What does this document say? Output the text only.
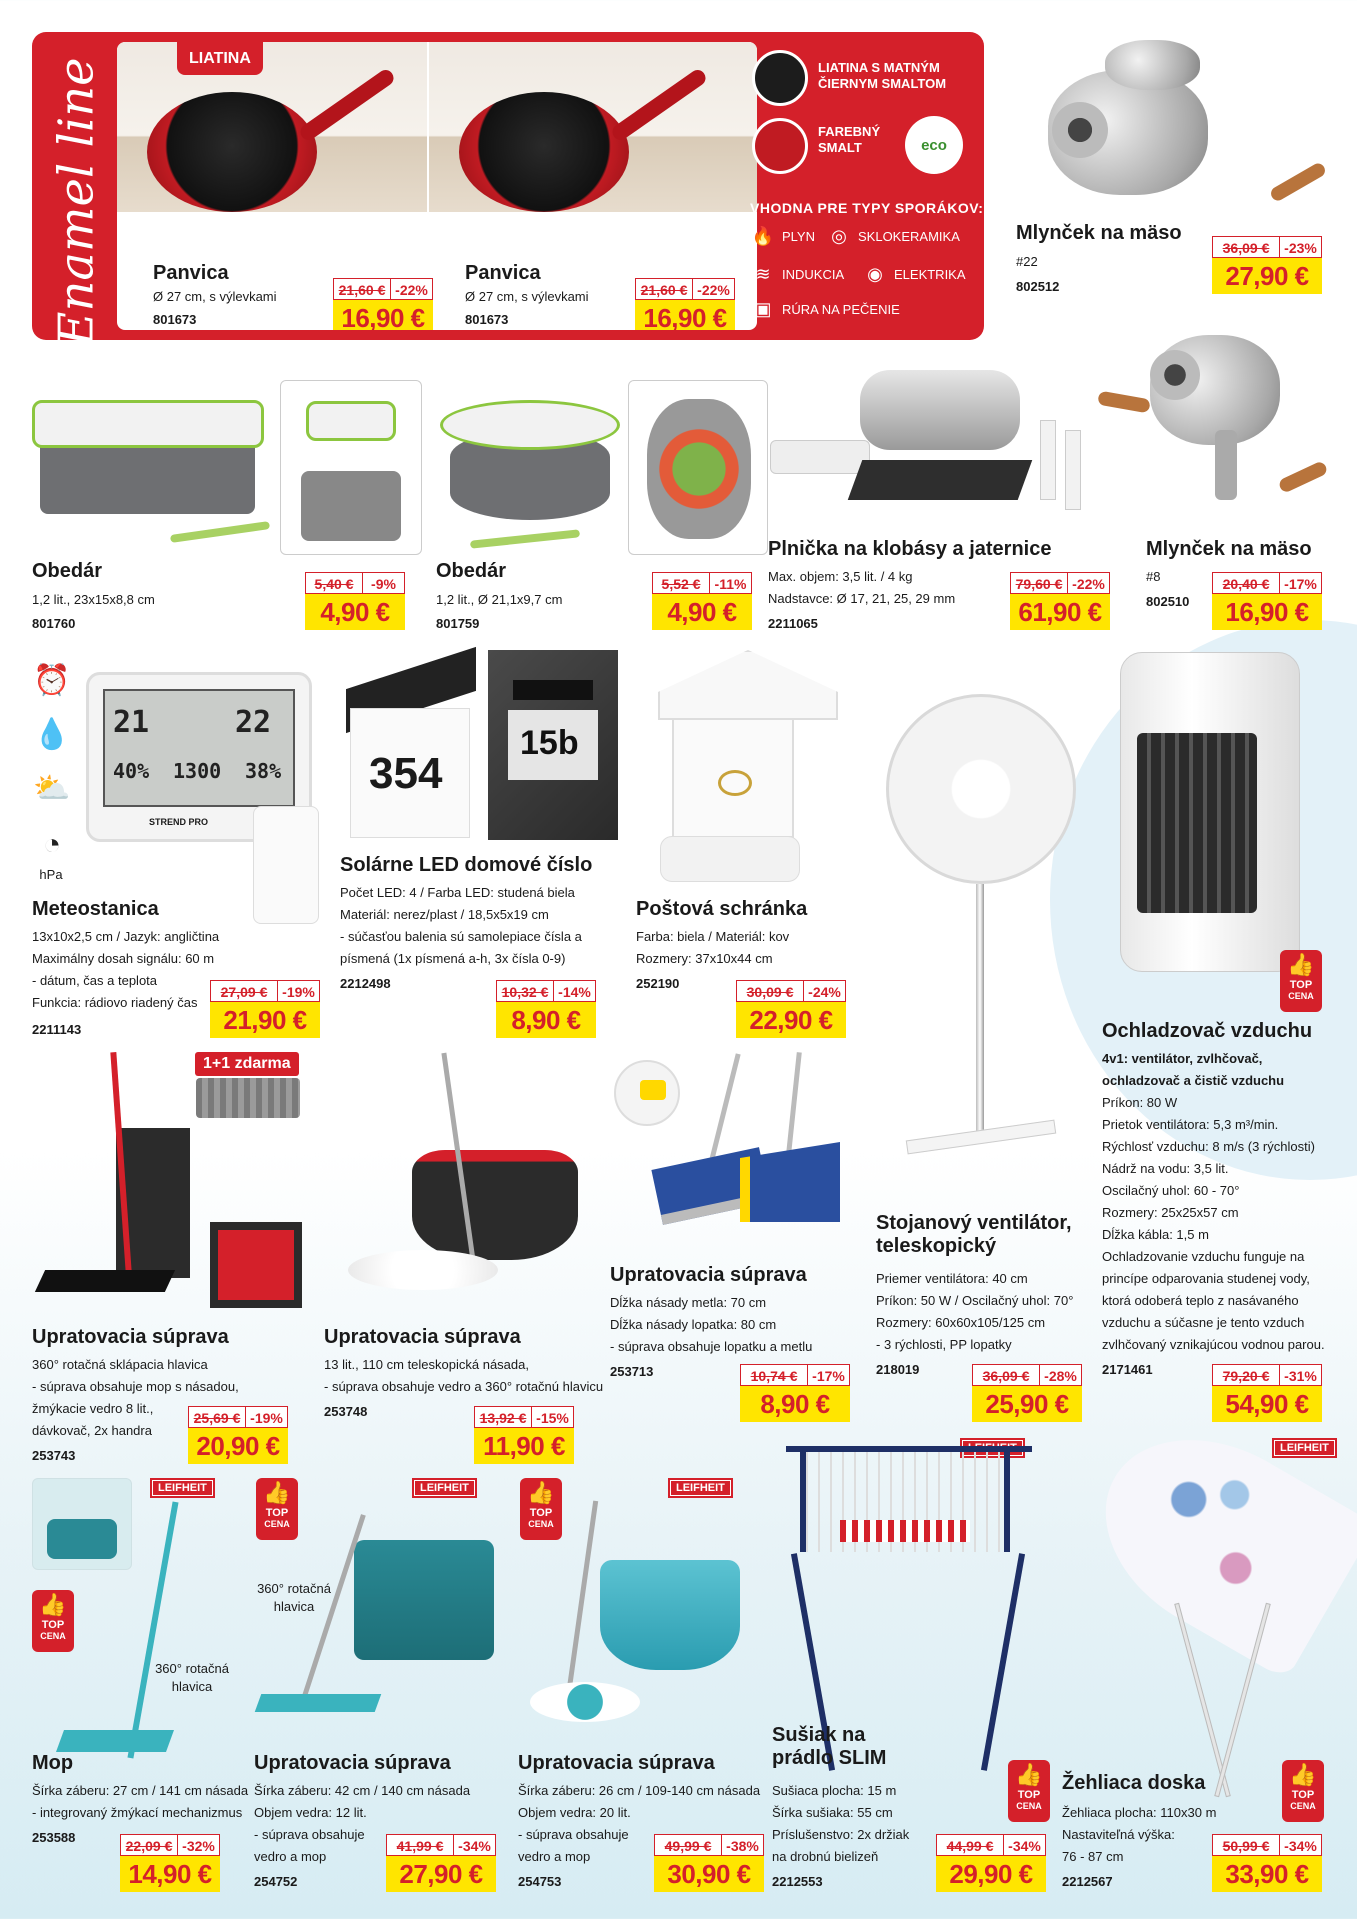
Enamel line	LIATINA
Panvica
Ø 27 cm, s výlevkami
801673
21,60 € -22%
16,90 €
Panvica
Ø 27 cm, s výlevkami
801673
21,60 € -22%
16,90 €
LIATINA S MATNÝM ČIERNYM SMALTOM
FAREBNÝ SMALT	eco
VHODNA PRE TYPY SPORÁKOV:
🔥 PLYN ◎ SKLOKERAMIKA
≋ INDUKCIA ◉ ELEKTRIKA
▣ RÚRA NA PEČENIE
Mlynček na mäso
#22
802512
36,09 €	-23%
27,90 €
Obedár
1,2 lit., 23x15x8,8 cm
801760
5,40 €	-9%
4,90 €
Obedár
1,2 lit., Ø 21,1x9,7 cm
801759
5,52 €	-11%
4,90 €
Plnička na klobásy a jaternice
Max. objem: 3,5 lit. / 4 kg
Nadstavce: Ø 17, 21, 25, 29 mm
2211065
79,60 € -22%
61,90 €
Mlynček na mäso
#8
802510
20,40 €	-17%
16,90 €
⏰
💧
⛅
◔
hPa
21	22
40% 1300 38%
STREND PRO
Meteostanica
13x10x2,5 cm / Jazyk: angličtina
Maximálny dosah signálu: 60 m
- dátum, čas a teplota
Funkcia: rádiovo riadený čas
2211143
27,09 €	-19%
21,90 €
354
15b
Solárne LED domové číslo
Počet LED: 4 / Farba LED: studená biela
Materiál: nerez/plast / 18,5x5x19 cm
- súčasťou balenia sú samolepiace čísla a
písmená (1x písmená a-h, 3x čísla 0-9)
2212498
10,32 € -14%
8,90 €
Poštová schránka
Farba: biela / Materiál: kov
Rozmery: 37x10x44 cm
252190
30,09 €	-24%
22,90 €
👍
TOP
CENA
Ochladzovač vzduchu
4v1: ventilátor, zvlhčovač,
ochladzovač a čistič vzduchu
Príkon: 80 W
Prietok ventilátora: 5,3 m³/min.
Rýchlosť vzduchu: 8 m/s (3 rýchlosti)
Nádrž na vodu: 3,5 lit.
Oscilačný uhol: 60 - 70°
Rozmery: 25x25x57 cm
Dĺžka kábla: 1,5 m
Ochladzovanie vzduchu funguje na
princípe odparovania studenej vody,
ktorá odoberá teplo z nasávaného
vzduchu a súčasne je tento vzduch
zvlhčovaný vznikajúcou vodnou parou.
2171461	79,20 €	-31%
54,90 €
1+1 zdarma
Upratovacia súprava
360° rotačná sklápacia hlavica
- súprava obsahuje mop s násadou,
žmýkacie vedro 8 lit.,
dávkovač, 2x handra
253743
25,69 € -19%
20,90 €
Upratovacia súprava
13 lit., 110 cm teleskopická násada,
- súprava obsahuje vedro a 360° rotačnú hlavicu
253748	13,92 € -15%
11,90 €
Upratovacia súprava
Dĺžka násady metla: 70 cm
Dĺžka násady lopatka: 80 cm
- súprava obsahuje lopatku a metlu
253713	10,74 €	-17%
8,90 €
Stojanový ventilátor, teleskopický
Priemer ventilátora: 40 cm
Príkon: 50 W / Oscilačný uhol: 70°
Rozmery: 60x60x105/125 cm
- 3 rýchlosti, PP lopatky
218019	36,09 €	-28%
25,90 €
LEIFHEIT
👍
TOP
CENA
360° rotačná hlavica
Mop
Šírka záberu: 27 cm / 141 cm násada
- integrovaný žmýkací mechanizmus
253588
22,09 € -32%
14,90 €
👍
TOP
CENA
LEIFHEIT
360° rotačná hlavica
Upratovacia súprava
Šírka záberu: 42 cm / 140 cm násada
Objem vedra: 12 lit.
- súprava obsahuje
vedro a mop
254752
41,99 €	-34%
27,90 €
👍
TOP
CENA
LEIFHEIT
Upratovacia súprava
Šírka záberu: 26 cm / 109-140 cm násada
Objem vedra: 20 lit.
- súprava obsahuje
vedro a mop
254753
49,99 €	-38%
30,90 €
👍
TOP
CENA
Sušiak na prádlo SLIM
Sušiaca plocha: 15 m
Šírka sušiaka: 55 cm
Príslušenstvo: 2x držiak
na drobnú bielizeň
2212553
44,99 €	-34%
29,90 €
LEIFHEIT
👍
TOP
CENA
Žehliaca doska
Žehliaca plocha: 110x30 m
Nastaviteľná výška:
76 - 87 cm
2212567
50,99 €	-34%
33,90 €
